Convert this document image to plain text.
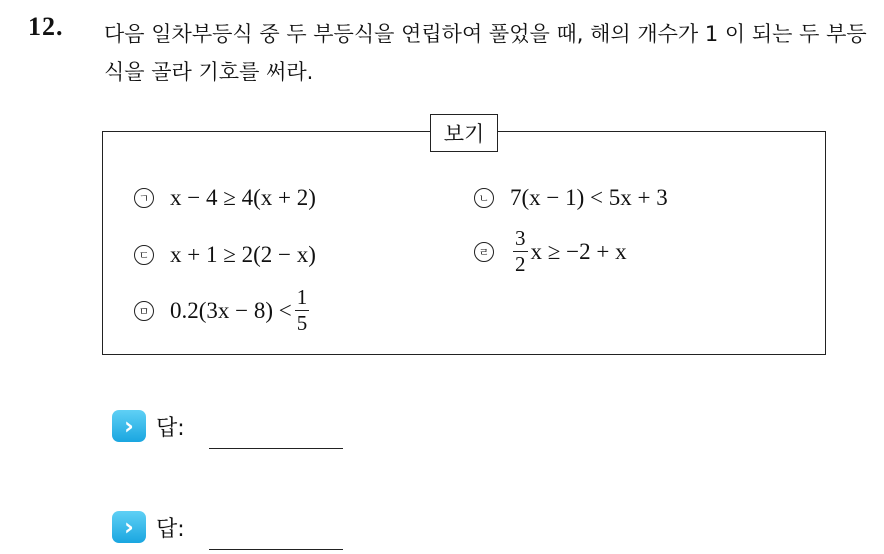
12. 다음 일차부등식 중 두 부등식을 연립하여 풀었을 때, 해의 개수가 1 이 되는 두 부등식을 골라 기호를 써라.
보기
ㄱ x − 4 ≥ 4(x + 2)	ㄴ 7(x − 1) < 5x + 3
ㄷ x + 1 ≥ 2(2 − x)	ㄹ $\frac{3}{2}$ x ≥ −2 + x
ㅁ $0.2(3x - 8) < \frac{1}{5}$
›	답:
›	답:
